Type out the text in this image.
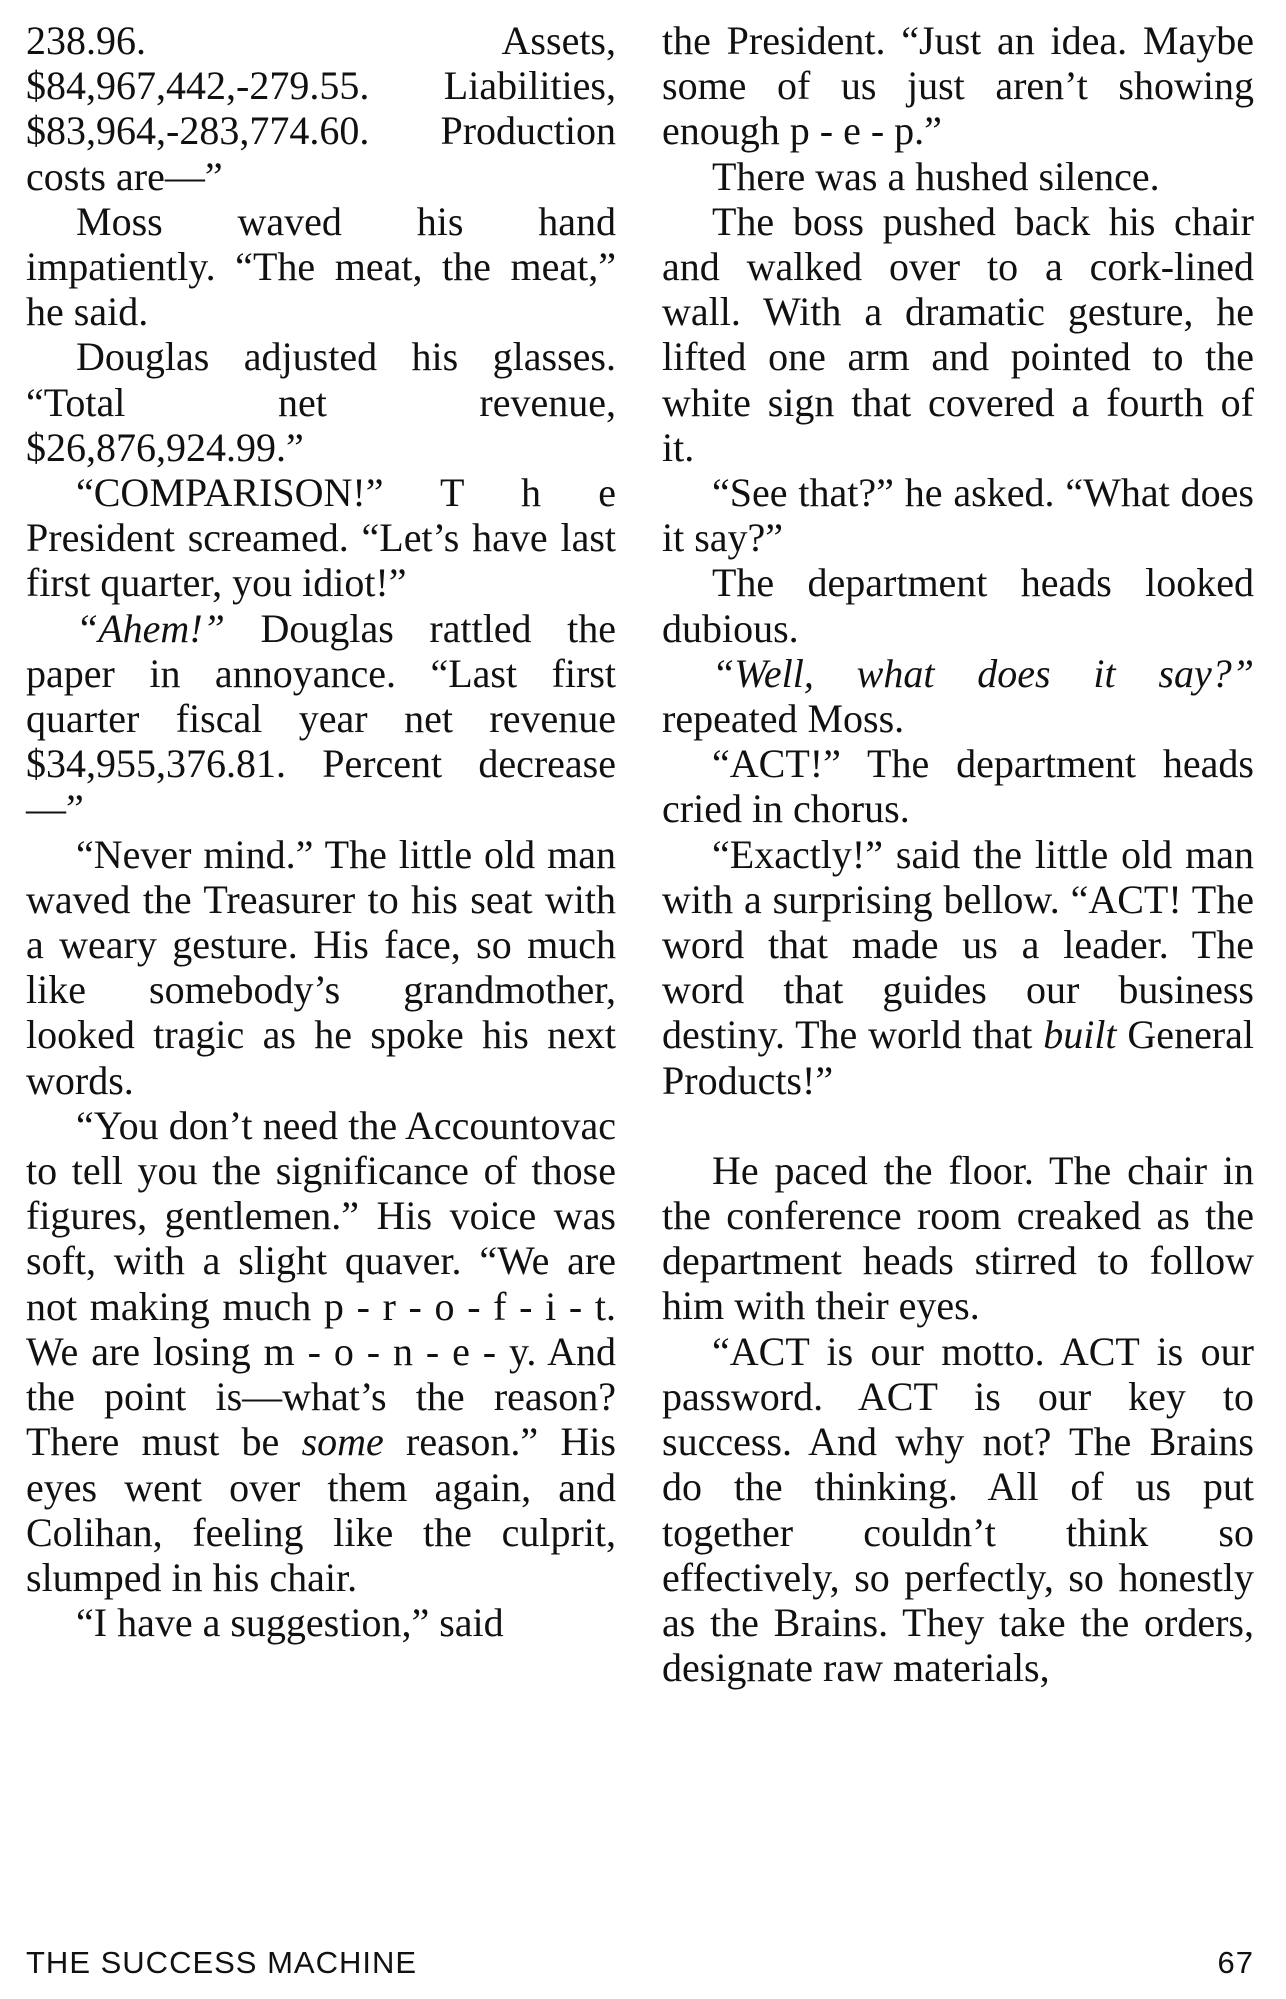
238.96. Assets, $84,967,442,-279.55. Liabilities, $83,964,-283,774.60. Production costs are—”

Moss waved his hand impatiently. “The meat, the meat,” he said.

Douglas adjusted his glasses. “Total net revenue, $26,876,924.99.”

“COMPARISON!” T h e President screamed. “Let’s have last first quarter, you idiot!”

“Ahem!” Douglas rattled the paper in annoyance. “Last first quarter fiscal year net revenue $34,955,376.81. Percent decrease—”

“Never mind.” The little old man waved the Treasurer to his seat with a weary gesture. His face, so much like somebody’s grandmother, looked tragic as he spoke his next words.

“You don’t need the Accountovac to tell you the significance of those figures, gentlemen.” His voice was soft, with a slight quaver. “We are not making much p - r - o - f - i - t. We are losing m - o - n - e - y. And the point is—what’s the reason? There must be some reason.” His eyes went over them again, and Colihan, feeling like the culprit, slumped in his chair.

“I have a suggestion,” said

the President. “Just an idea. Maybe some of us just aren’t showing enough p - e - p.”

There was a hushed silence.

The boss pushed back his chair and walked over to a cork-lined wall. With a dramatic gesture, he lifted one arm and pointed to the white sign that covered a fourth of it.

“See that?” he asked. “What does it say?”

The department heads looked dubious.

“Well, what does it say?” repeated Moss.

“ACT!” The department heads cried in chorus.

“Exactly!” said the little old man with a surprising bellow. “ACT! The word that made us a leader. The word that guides our business destiny. The world that built General Products!”

He paced the floor. The chair in the conference room creaked as the department heads stirred to follow him with their eyes.

“ACT is our motto. ACT is our password. ACT is our key to success. And why not? The Brains do the thinking. All of us put together couldn’t think so effectively, so perfectly, so honestly as the Brains. They take the orders, designate raw materials,

THE SUCCESS MACHINE	67
